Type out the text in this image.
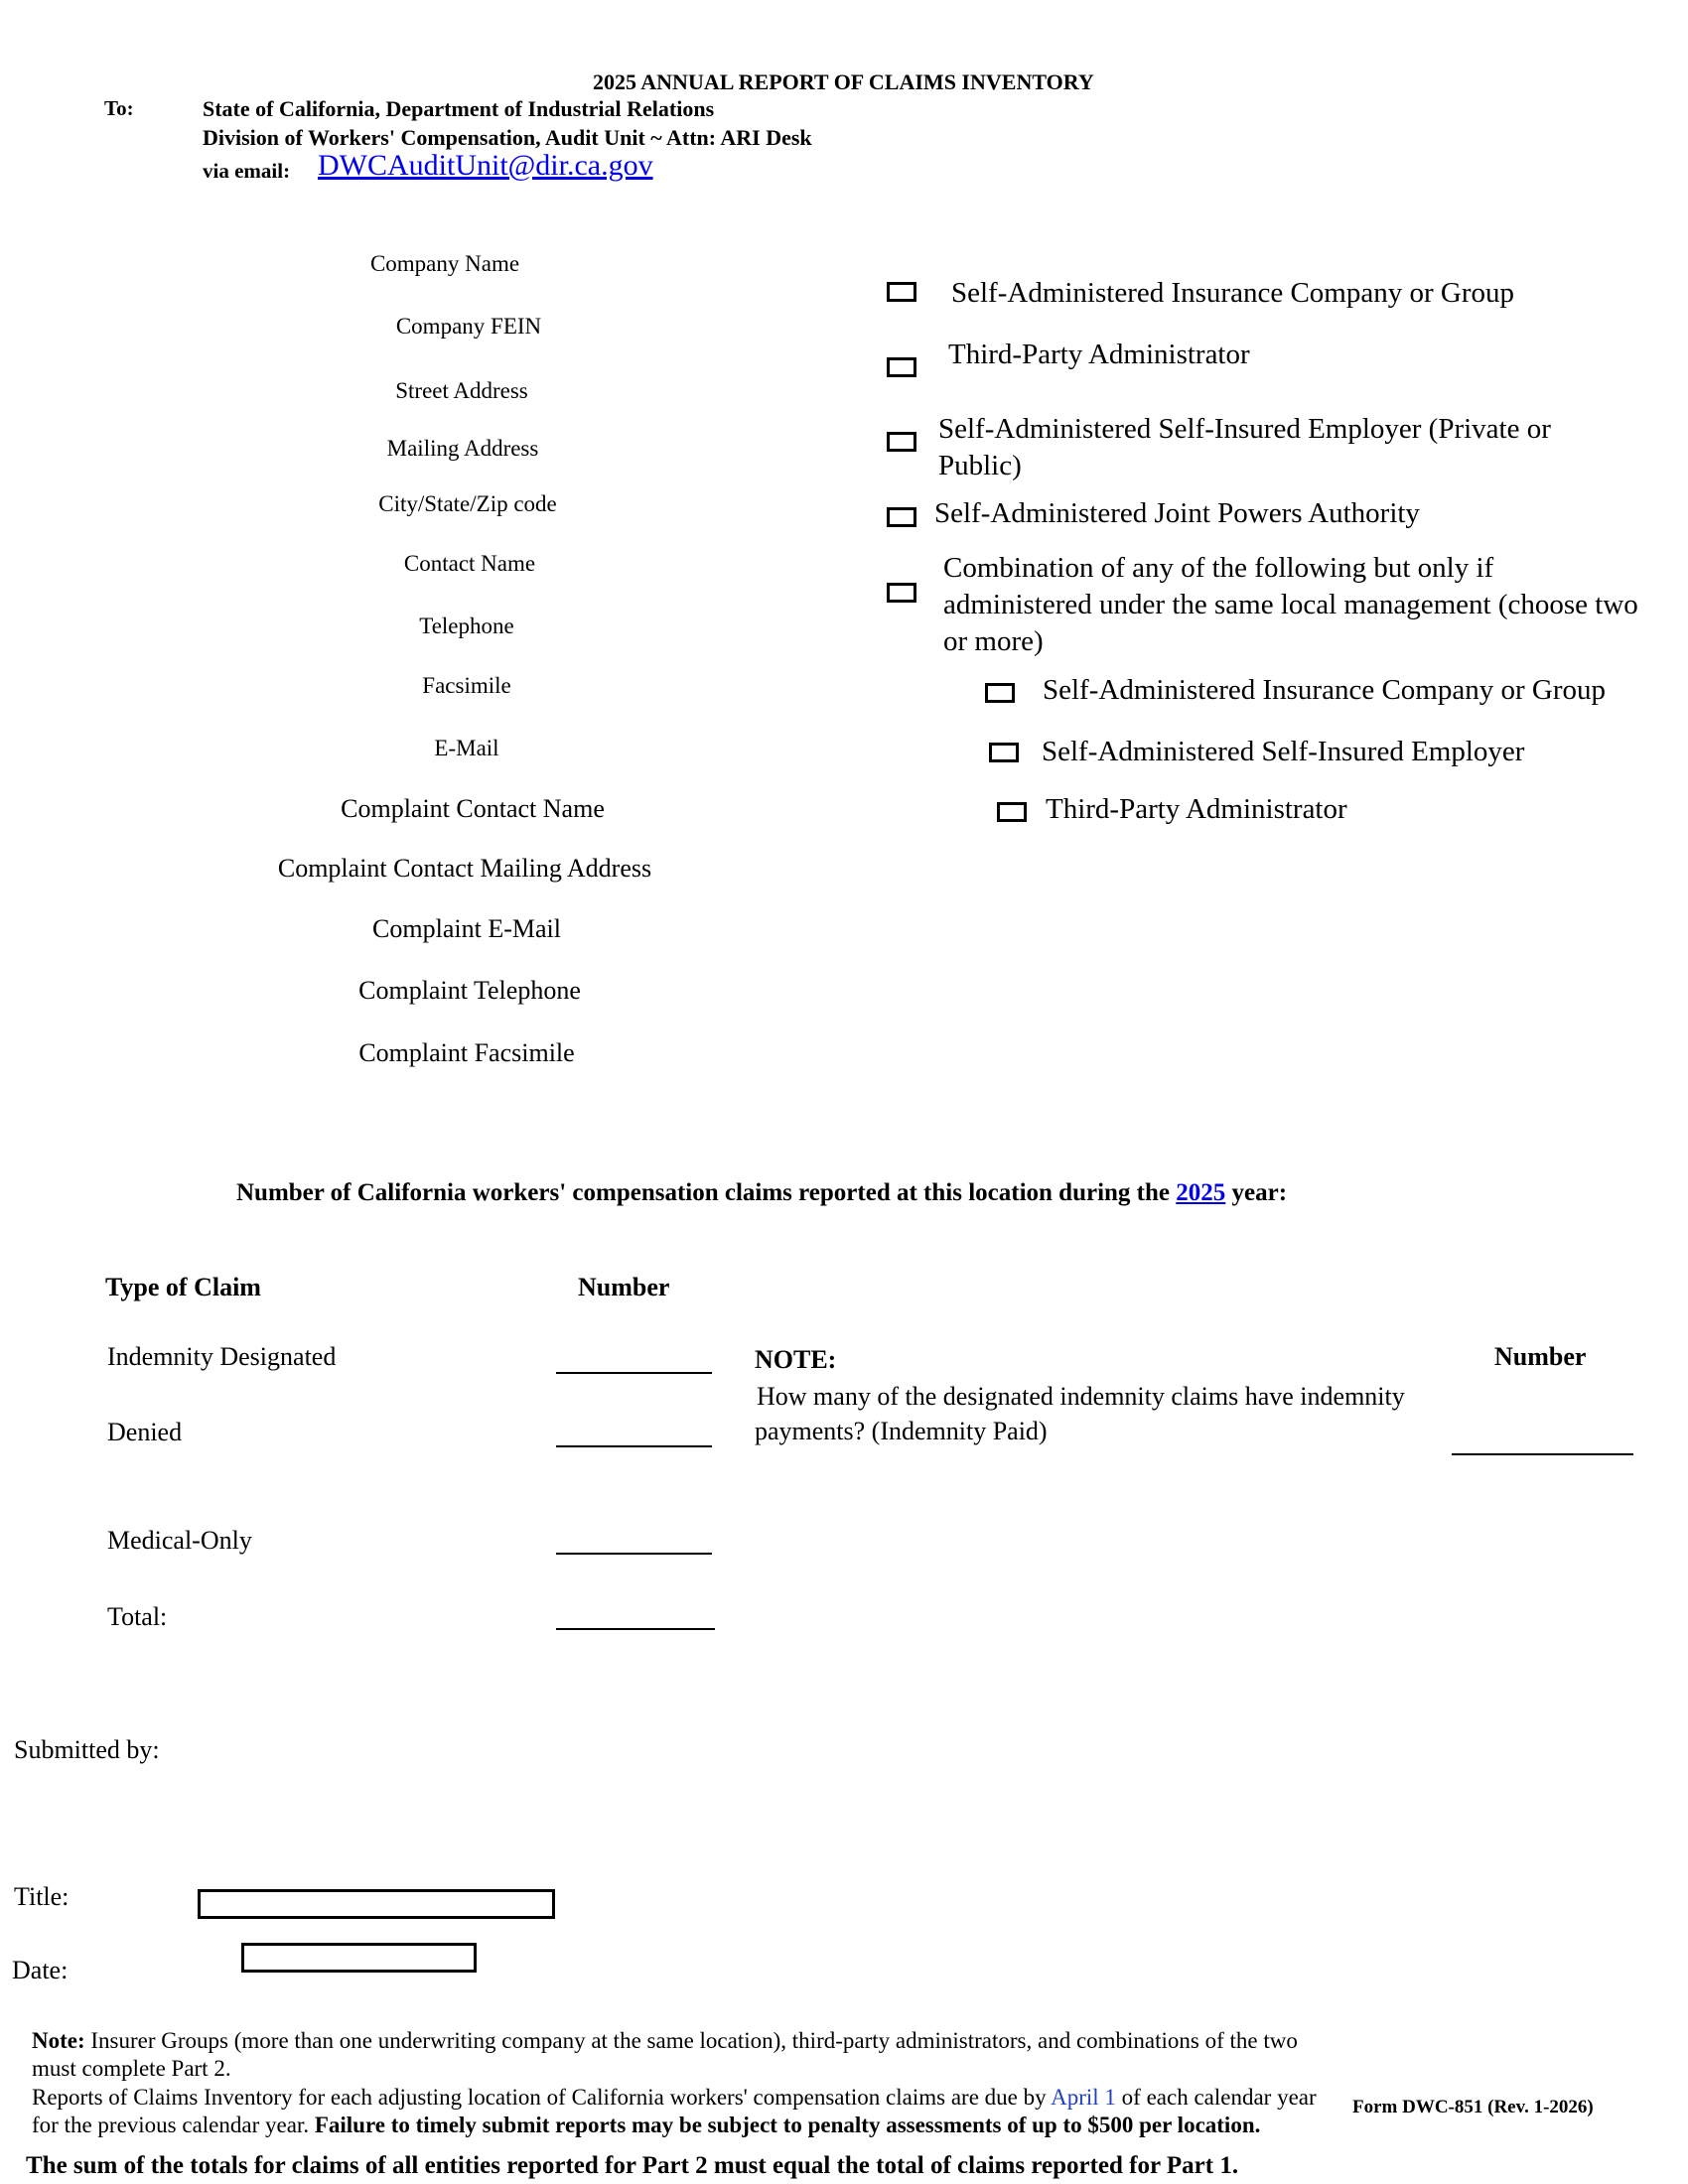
2025 ANNUAL REPORT OF CLAIMS INVENTORY
To:	State of California, Department of Industrial Relations
Division of Workers' Compensation, Audit Unit ~ Attn: ARI Desk
via email: DWCAuditUnit@dir.ca.gov
Company Name
Company FEIN
Street Address
Mailing Address
City/State/Zip code
Contact Name
Telephone
Facsimile
E-Mail
Complaint Contact Name
Complaint Contact Mailing Address
Complaint E-Mail
Complaint Telephone
Complaint Facsimile
Self-Administered Insurance Company or Group
Third-Party Administrator
Self-Administered Self-Insured Employer (Private or Public)
Self-Administered Joint Powers Authority
Combination of any of the following but only if administered under the same local management (choose two or more)
Self-Administered Insurance Company or Group
Self-Administered Self-Insured Employer
Third-Party Administrator
Number of California workers' compensation claims reported at this location during the 2025 year:
Type of Claim	Number
Indemnity Designated
Denied
Medical-Only
Total:
NOTE:
How many of the designated indemnity claims have indemnity
payments? (Indemnity Paid)
Number
Submitted by:
Title:
Date:
Note: Insurer Groups (more than one underwriting company at the same location), third-party administrators, and combinations of the two
must complete Part 2.
Reports of Claims Inventory for each adjusting location of California workers' compensation claims are due by April 1 of each calendar year
for the previous calendar year. Failure to timely submit reports may be subject to penalty assessments of up to $500 per location.
Form DWC-851 (Rev. 1-2026)
The sum of the totals for claims of all entities reported for Part 2 must equal the total of claims reported for Part 1.
